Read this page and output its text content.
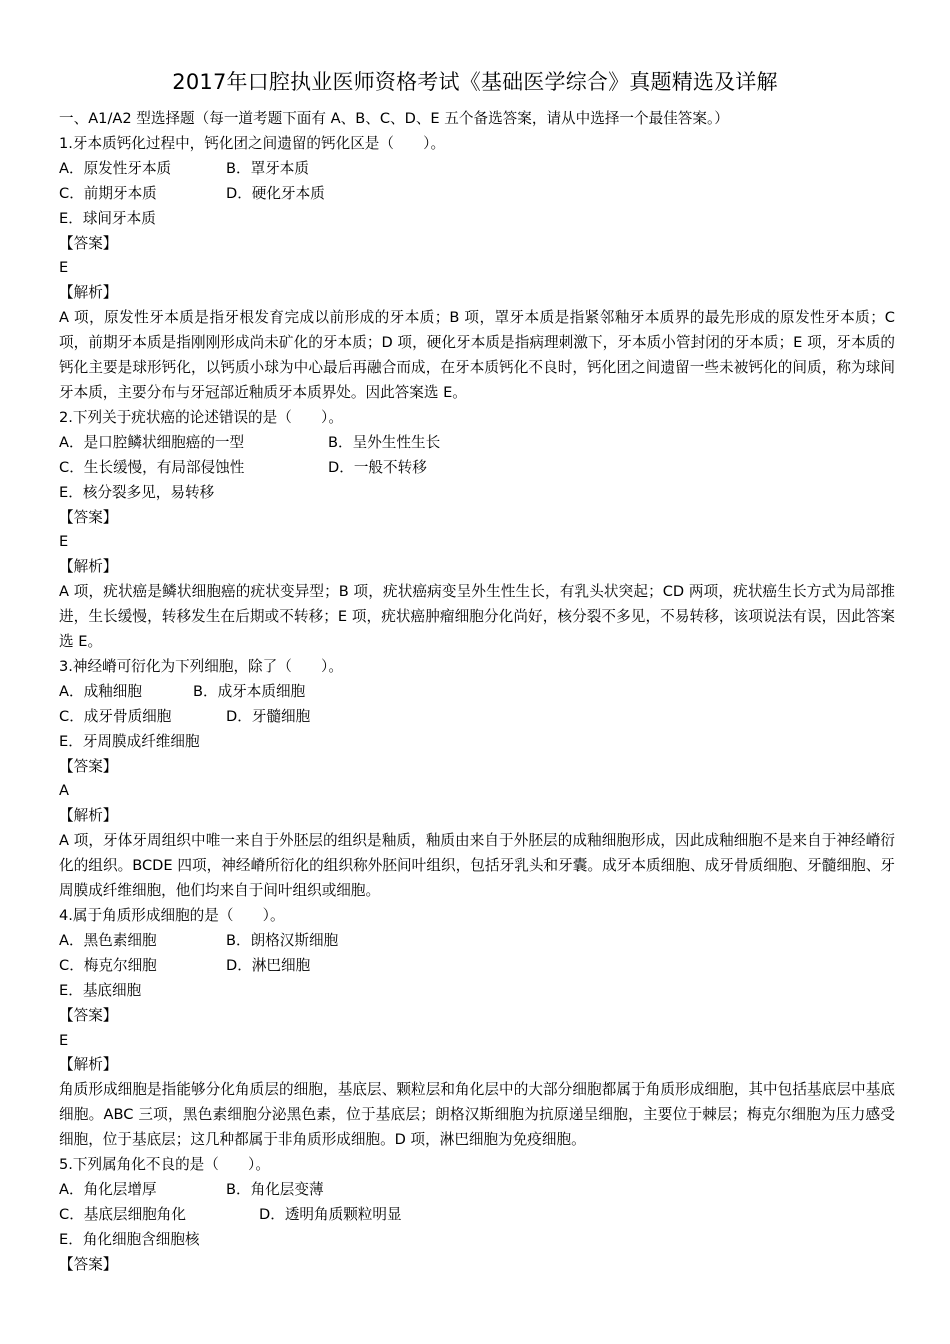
2017年口腔执业医师资格考试《基础医学综合》真题精选及详解

一、A1/A2 型选择题（每一道考题下面有 A、B、C、D、E 五个备选答案，请从中选择一个最佳答案。）

1.牙本质钙化过程中，钙化团之间遗留的钙化区是（　　）。

A．原发性牙本质	B．罩牙本质
C．前期牙本质	D．硬化牙本质

E．球间牙本质

【答案】

E

【解析】

A 项，原发性牙本质是指牙根发育完成以前形成的牙本质；B 项，罩牙本质是指紧邻釉牙本质界的最先形成的原发性牙本质；C 项，前期牙本质是指刚刚形成尚未矿化的牙本质；D 项，硬化牙本质是指病理刺激下，牙本质小管封闭的牙本质；E 项，牙本质的钙化主要是球形钙化，以钙质小球为中心最后再融合而成，在牙本质钙化不良时，钙化团之间遗留一些未被钙化的间质，称为球间牙本质，主要分布与牙冠部近釉质牙本质界处。因此答案选 E。

2.下列关于疣状癌的论述错误的是（　　）。

A．是口腔鳞状细胞癌的一型	B．呈外生性生长
C．生长缓慢，有局部侵蚀性	D．一般不转移

E．核分裂多见，易转移

【答案】

E

【解析】

A 项，疣状癌是鳞状细胞癌的疣状变异型；B 项，疣状癌病变呈外生性生长，有乳头状突起；CD 两项，疣状癌生长方式为局部推进，生长缓慢，转移发生在后期或不转移；E 项，疣状癌肿瘤细胞分化尚好，核分裂不多见，不易转移，该项说法有误，因此答案选 E。

3.神经嵴可衍化为下列细胞，除了（　　）。

A．成釉细胞	B．成牙本质细胞
C．成牙骨质细胞	D．牙髓细胞

E．牙周膜成纤维细胞

【答案】

A

【解析】

A 项，牙体牙周组织中唯一来自于外胚层的组织是釉质，釉质由来自于外胚层的成釉细胞形成，因此成釉细胞不是来自于神经嵴衍化的组织。BCDE 四项，神经嵴所衍化的组织称外胚间叶组织，包括牙乳头和牙囊。成牙本质细胞、成牙骨质细胞、牙髓细胞、牙周膜成纤维细胞，他们均来自于间叶组织或细胞。

4.属于角质形成细胞的是（　　）。

A．黑色素细胞	B．朗格汉斯细胞
C．梅克尔细胞	D．淋巴细胞

E．基底细胞

【答案】

E

【解析】

角质形成细胞是指能够分化角质层的细胞，基底层、颗粒层和角化层中的大部分细胞都属于角质形成细胞，其中包括基底层中基底细胞。ABC 三项，黑色素细胞分泌黑色素，位于基底层；朗格汉斯细胞为抗原递呈细胞，主要位于棘层；梅克尔细胞为压力感受细胞，位于基底层；这几种都属于非角质形成细胞。D 项，淋巴细胞为免疫细胞。

5.下列属角化不良的是（　　）。

A．角化层增厚	B．角化层变薄
C．基底层细胞角化	D．透明角质颗粒明显

E．角化细胞含细胞核

【答案】
